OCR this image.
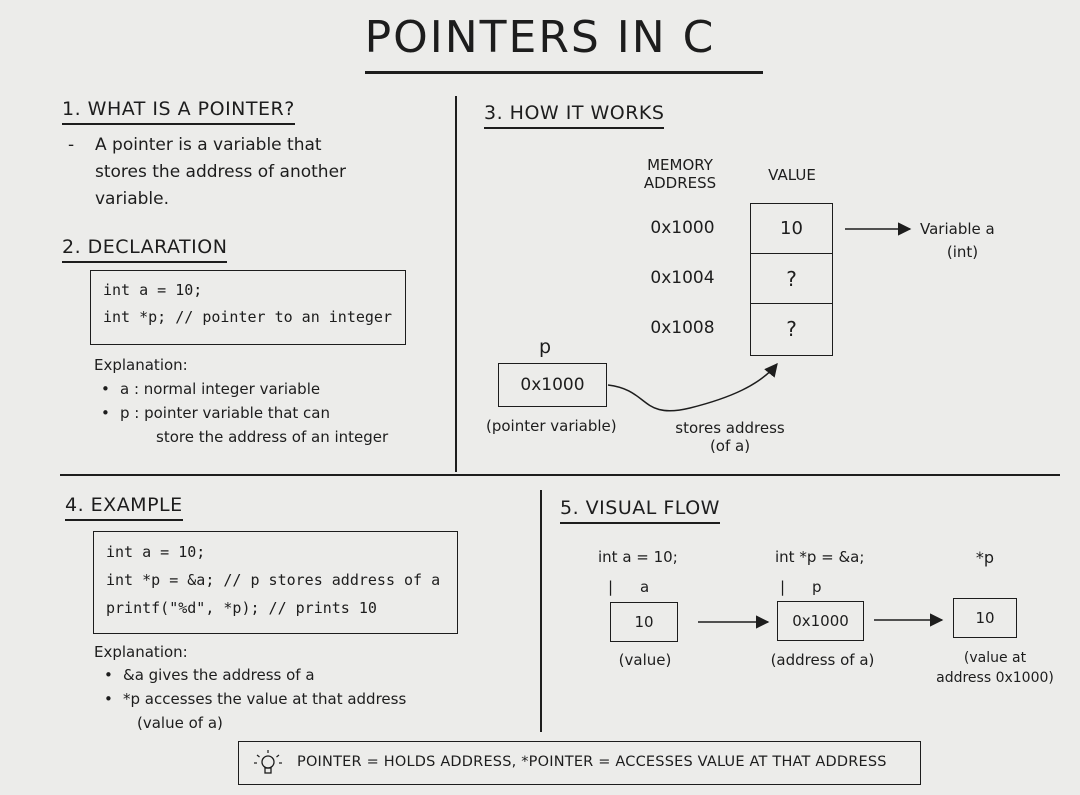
POINTERS IN C
1. WHAT IS A POINTER?
- A pointer is a variable that
stores the address of another
variable.
2. DECLARATION
int a = 10;
int *p; // pointer to an integer
Explanation:
• a : normal integer variable
• p : pointer variable that can
store the address of an integer
3. HOW IT WORKS
MEMORY
ADDRESS	VALUE
0x1000
0x1004
0x1008
10
?
?
Variable a
(int)
p
0x1000
(pointer variable)	stores address
(of a)
4. EXAMPLE
int a = 10;
int *p = &a; // p stores address of a
printf("%d", *p); // prints 10
Explanation:
• &a gives the address of a
• *p accesses the value at that address
(value of a)
5. VISUAL FLOW
int a = 10;
| a
10
(value)
int *p = &a;
| p
0x1000
(address of a)
*p
10
(value at
address 0x1000)
POINTER = HOLDS ADDRESS, *POINTER = ACCESSES VALUE AT THAT ADDRESS
